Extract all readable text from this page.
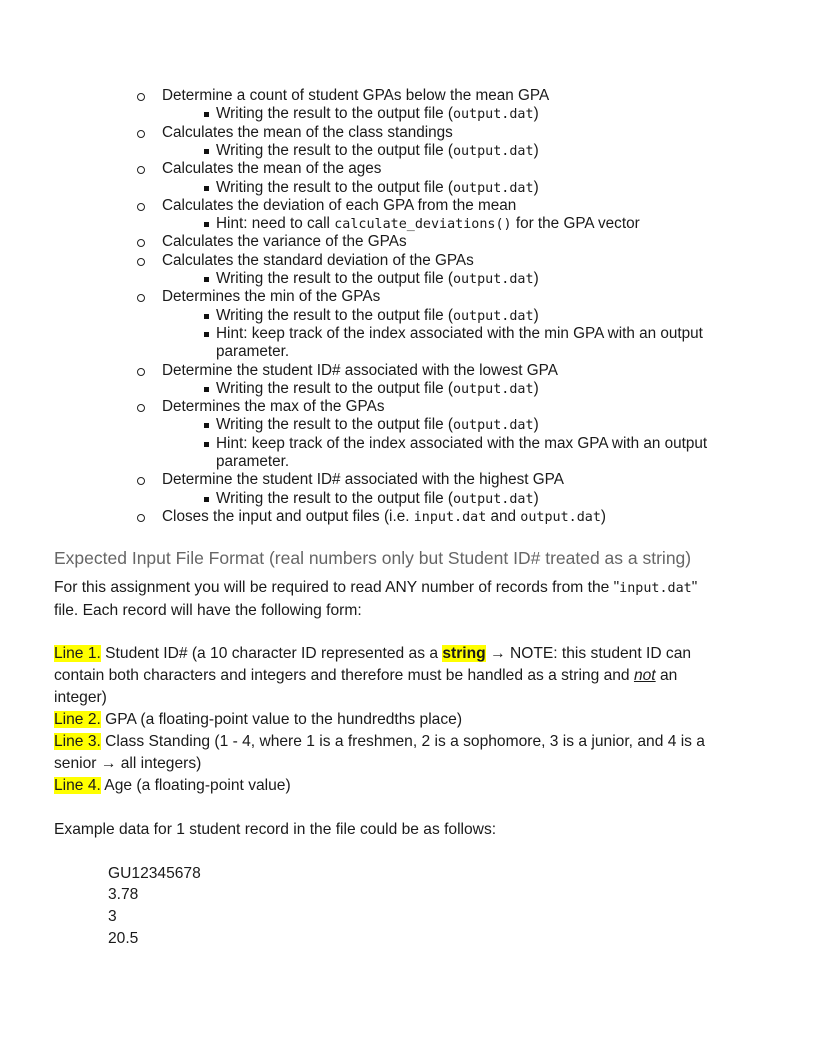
Determine a count of student GPAs below the mean GPA
Writing the result to the output file (output.dat)
Calculates the mean of the class standings
Writing the result to the output file (output.dat)
Calculates the mean of the ages
Writing the result to the output file (output.dat)
Calculates the deviation of each GPA from the mean
Hint: need to call calculate_deviations() for the GPA vector
Calculates the variance of the GPAs
Calculates the standard deviation of the GPAs
Writing the result to the output file (output.dat)
Determines the min of the GPAs
Writing the result to the output file (output.dat)
Hint: keep track of the index associated with the min GPA with an output
parameter.
Determine the student ID# associated with the lowest GPA
Writing the result to the output file (output.dat)
Determines the max of the GPAs
Writing the result to the output file (output.dat)
Hint: keep track of the index associated with the max GPA with an output
parameter.
Determine the student ID# associated with the highest GPA
Writing the result to the output file (output.dat)
Closes the input and output files (i.e. input.dat and output.dat)
Expected Input File Format (real numbers only but Student ID# treated as a string)
For this assignment you will be required to read ANY number of records from the "input.dat"
file. Each record will have the following form:
Line 1. Student ID# (a 10 character ID represented as a string → NOTE: this student ID can
contain both characters and integers and therefore must be handled as a string and not an
integer)
Line 2. GPA (a floating-point value to the hundredths place)
Line 3. Class Standing (1 - 4, where 1 is a freshmen, 2 is a sophomore, 3 is a junior, and 4 is a
senior → all integers)
Line 4. Age (a floating-point value)
Example data for 1 student record in the file could be as follows:
GU12345678
3.78
3
20.5
